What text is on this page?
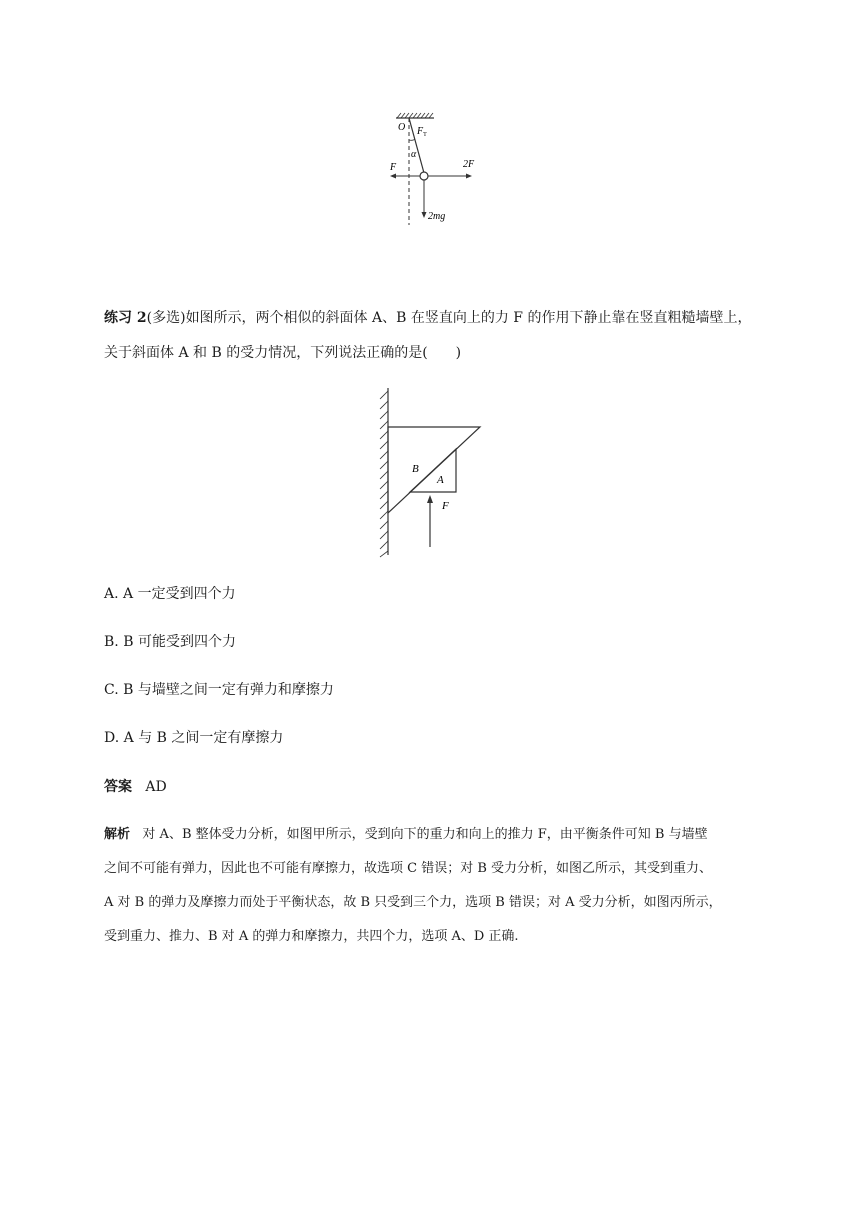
O $F_T$
α
F	2F
2mg
练习 2(多选)如图所示，两个相似的斜面体 A、B 在竖直向上的力 F 的作用下静止靠在竖直粗糙墙壁上，
关于斜面体 A 和 B 的受力情况，下列说法正确的是(　　)
B
A
F
A. A 一定受到四个力
B. B 可能受到四个力
C. B 与墙壁之间一定有弹力和摩擦力
D. A 与 B 之间一定有摩擦力
答案 AD
解析 对 A、B 整体受力分析，如图甲所示，受到向下的重力和向上的推力 F，由平衡条件可知 B 与墙壁
之间不可能有弹力，因此也不可能有摩擦力，故选项 C 错误；对 B 受力分析，如图乙所示，其受到重力、
A 对 B 的弹力及摩擦力而处于平衡状态，故 B 只受到三个力，选项 B 错误；对 A 受力分析，如图丙所示，
受到重力、推力、B 对 A 的弹力和摩擦力，共四个力，选项 A、D 正确.
